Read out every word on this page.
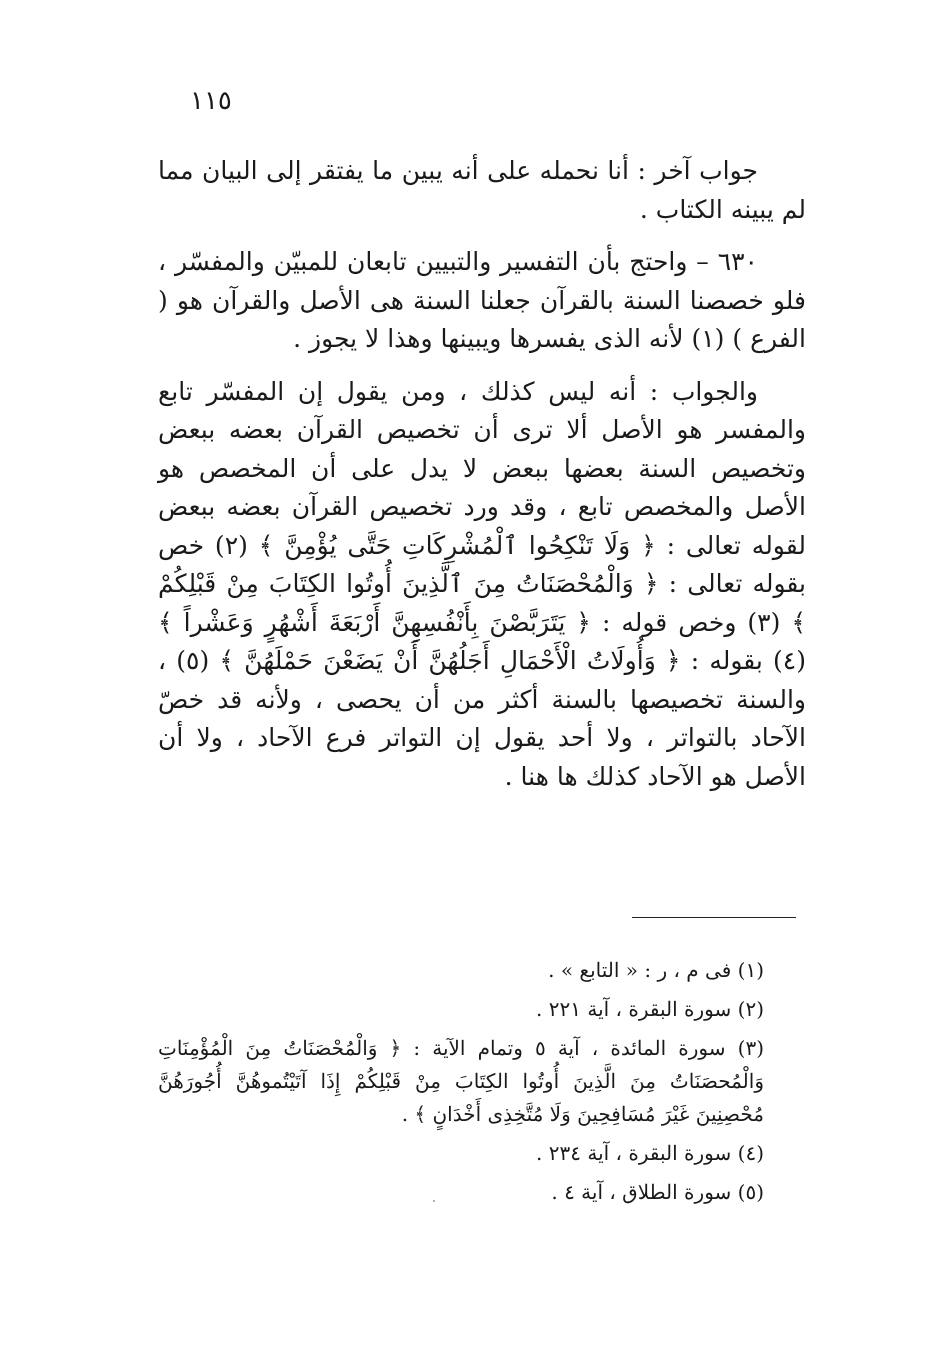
١١٥

جواب آخر : أنا نحمله على أنه يبين ما يفتقر إلى البيان مما لم يبينه الكتاب .

٦٣٠ – واحتج بأن التفسير والتبيين تابعان للمبيّن والمفسّر ، فلو خصصنا السنة بالقرآن جعلنا السنة هى الأصل والقرآن هو ( الفرع ) (١) لأنه الذى يفسرها ويبينها وهذا لا يجوز .

والجواب : أنه ليس كذلك ، ومن يقول إن المفسّر تابع والمفسر هو الأصل ألا ترى أن تخصيص القرآن بعضه ببعض وتخصيص السنة بعضها ببعض لا يدل على أن المخصص هو الأصل والمخصص تابع ، وقد ورد تخصيص القرآن بعضه ببعض لقوله تعالى : ﴿ وَلَا تَنْكِحُوا ٱلْمُشْرِكَاتِ حَتَّى يُؤْمِنَّ ﴾ (٢) خص بقوله تعالى : ﴿ وَالْمُحْصَنَاتُ مِنَ ٱلَّذِينَ أُوتُوا الكِتَابَ مِنْ قَبْلِكُمْ ﴾ (٣) وخص قوله : ﴿ يَتَرَبَّصْنَ بِأَنْفُسِهِنَّ أَرْبَعَةَ أَشْهُرٍ وَعَشْراً ﴾ (٤) بقوله : ﴿ وَأُولَاتُ الْأَحْمَالِ أَجَلُهُنَّ أَنْ يَضَعْنَ حَمْلَهُنَّ ﴾ (٥) ، والسنة تخصيصها بالسنة أكثر من أن يحصى ، ولأنه قد خصّ الآحاد بالتواتر ، ولا أحد يقول إن التواتر فرع الآحاد ، ولا أن الأصل هو الآحاد كذلك ها هنا .

(١) فى م ، ر : « التابع » .

(٢) سورة البقرة ، آية ٢٢١ .

(٣) سورة المائدة ، آية ٥ وتمام الآية : ﴿ وَالْمُحْصَنَاتُ مِنَ الْمُؤْمِنَاتِ وَالْمُحصَنَاتُ مِنَ الَّذِينَ أُوتُوا الكِتَابَ مِنْ قَبْلِكُمْ إِذَا آتَيْتُموهُنَّ أُجُورَهُنَّ مُحْصِنِينَ غَيْرَ مُسَافِحِينَ وَلَا مُتَّخِذِى أَخْدَانٍ ﴾ .

(٤) سورة البقرة ، آية ٢٣٤ .

(٥) سورة الطلاق ، آية ٤ .
